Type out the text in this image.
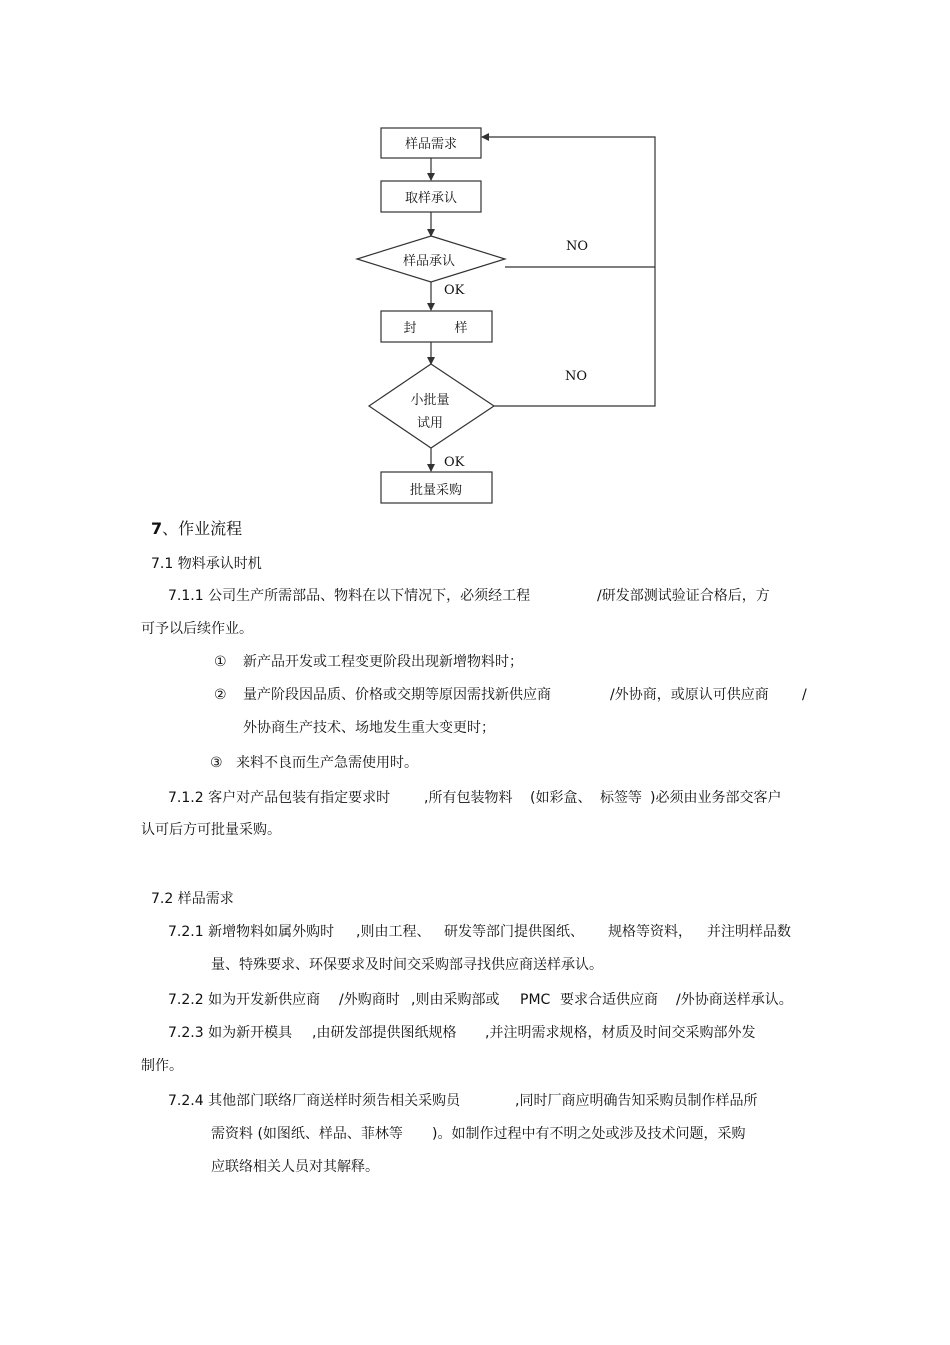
样品需求
取样承认
样品承认
NO
OK
封	样
小批量
试用
NO
OK
批量采购
7、作业流程
7.1 物料承认时机
7.1.1 公司生产所需部品、物料在以下情况下，必须经工程	/研发部测试验证合格后，方
可予以后续作业。
① 新产品开发或工程变更阶段出现新增物料时；
② 量产阶段因品质、价格或交期等原因需找新供应商	/外协商，或原认可供应商 /
外协商生产技术、场地发生重大变更时；
③ 来料不良而生产急需使用时。
7.1.2 客户对产品包装有指定要求时 ,所有包装物料 (如彩盒、 标签等 )必须由业务部交客户
认可后方可批量采购。
7.2 样品需求
7.2.1 新增物料如属外购时 ,则由工程、 研发等部门提供图纸、 规格等资料， 并注明样品数
量、特殊要求、环保要求及时间交采购部寻找供应商送样承认。
7.2.2 如为开发新供应商 /外购商时 ,则由采购部或 PMC 要求合适供应商 /外协商送样承认。
7.2.3 如为新开模具 ,由研发部提供图纸规格 ,并注明需求规格，材质及时间交采购部外发
制作。
7.2.4 其他部门联络厂商送样时须告相关采购员	,同时厂商应明确告知采购员制作样品所
需资料 (如图纸、样品、菲林等 )。如制作过程中有不明之处或涉及技术问题，采购
应联络相关人员对其解释。
